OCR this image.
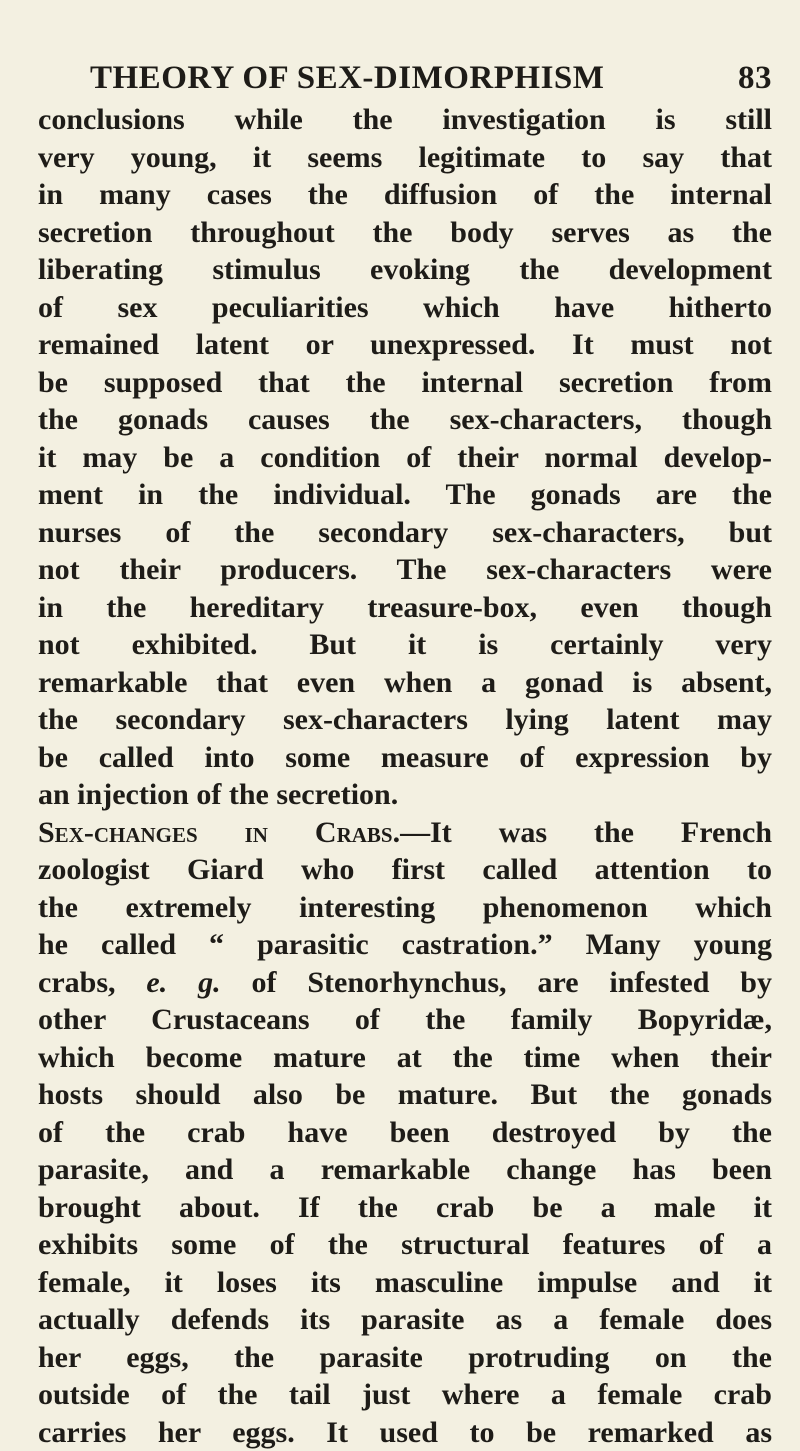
THEORY OF SEX-DIMORPHISM	83
conclusions while the investigation is still
very young, it seems legitimate to say that
in many cases the diffusion of the internal
secretion throughout the body serves as the
liberating stimulus evoking the development
of sex peculiarities which have hitherto
remained latent or unexpressed. It must not
be supposed that the internal secretion from
the gonads causes the sex-characters, though
it may be a condition of their normal develop-
ment in the individual. The gonads are the
nurses of the secondary sex-characters, but
not their producers. The sex-characters were
in the hereditary treasure-box, even though
not exhibited. But it is certainly very
remarkable that even when a gonad is absent,
the secondary sex-characters lying latent may
be called into some measure of expression by
an injection of the secretion.
Sex-changes in Crabs.—It was the French
zoologist Giard who first called attention to
the extremely interesting phenomenon which
he called “ parasitic castration.” Many young
crabs, e. g. of Stenorhynchus, are infested by
other Crustaceans of the family Bopyridæ,
which become mature at the time when their
hosts should also be mature. But the gonads
of the crab have been destroyed by the
parasite, and a remarkable change has been
brought about. If the crab be a male it
exhibits some of the structural features of a
female, it loses its masculine impulse and it
actually defends its parasite as a female does
her eggs, the parasite protruding on the
outside of the tail just where a female crab
carries her eggs. It used to be remarked as
